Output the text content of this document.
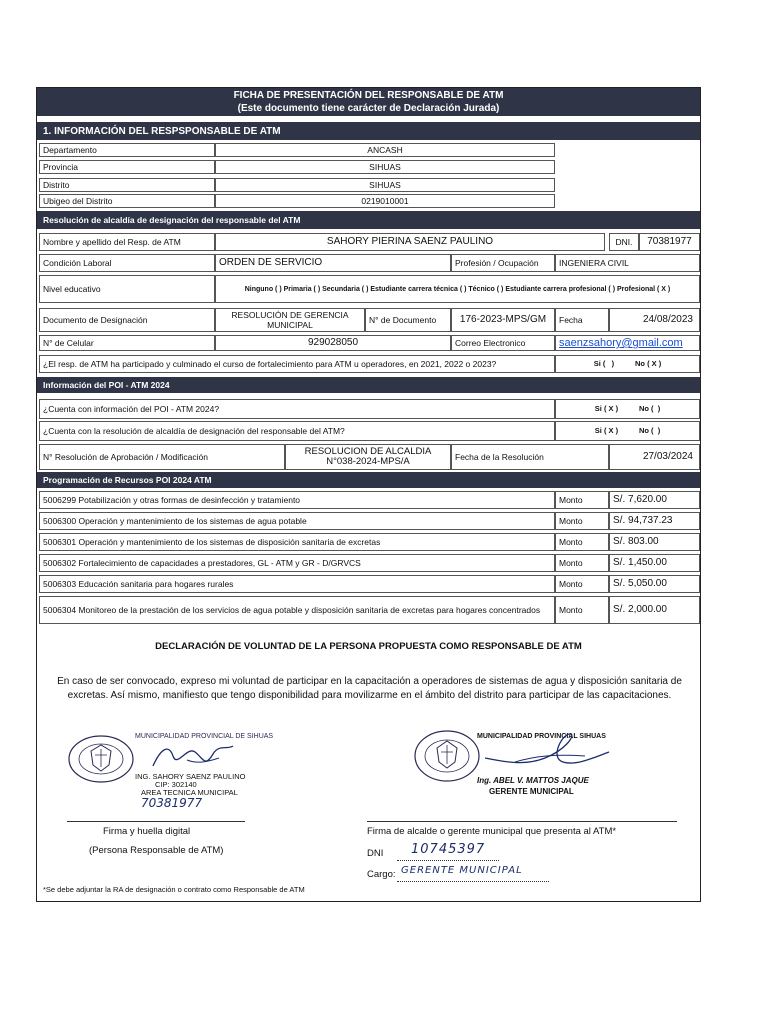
FICHA DE PRESENTACIÓN DEL RESPONSABLE DE ATM
(Este documento tiene carácter de Declaración Jurada)
1. INFORMACIÓN DEL RESPSPONSABLE DE ATM
Departamento	ANCASH
Provincia	SIHUAS
Distrito	SIHUAS
Ubigeo del Distrito	0219010001
Resolución de alcaldía de designación del responsable del ATM
Nombre y apellido del Resp. de ATM	SAHORY PIERINA SAENZ PAULINO	DNI.	70381977
Condición Laboral	ORDEN DE SERVICIO	Profesión / Ocupación	INGENIERA CIVIL
Nivel educativo	Ninguno ( ) Primaria ( ) Secundaria ( ) Estudiante carrera técnica ( ) Técnico ( ) Estudiante carrera profesional ( ) Profesional ( X )
Documento de Designación	RESOLUCIÓN DE GERENCIA MUNICIPAL	N° de Documento	176-2023-MPS/GM	Fecha	24/08/2023
N° de Celular	929028050	Correo Electronico	saenzsahory@gmail.com
¿El resp. de ATM ha participado y culminado el curso de fortalecimiento para ATM u operadores, en 2021, 2022 o 2023?	Si (   )          No ( X )
Información del POI - ATM 2024
¿Cuenta con información del POI - ATM 2024?	Si ( X )          No (  )
¿Cuenta con la resolución de alcaldía de designación del responsable del ATM?	Si ( X )          No (  )
N° Resolución de Aprobación / Modificación	RESOLUCION DE ALCALDIA N°038-2024-MPS/A	Fecha de la Resolución	27/03/2024
Programación de Recursos POI 2024 ATM
5006299 Potabilización y otras formas de desinfección y tratamiento	Monto	S/. 7,620.00
5006300 Operación y mantenimiento de los sistemas de agua potable	Monto	S/. 94,737.23
5006301 Operación y mantenimiento de los sistemas de disposición sanitaria de excretas	Monto	S/. 803.00
5006302 Fortalecimiento de capacidades a prestadores, GL - ATM y GR - D/GRVCS	Monto	S/. 1,450.00
5006303 Educación sanitaria para hogares rurales	Monto	S/. 5,050.00
5006304 Monitoreo de la prestación de los servicios de agua potable y disposición sanitaria de excretas para hogares concentrados	Monto	S/. 2,000.00
DECLARACIÓN DE VOLUNTAD DE LA PERSONA PROPUESTA COMO RESPONSABLE DE ATM
En caso de ser convocado, expreso mi voluntad de participar en la capacitación a operadores de sistemas de agua y disposición sanitaria de excretas. Así mismo, manifiesto que tengo disponibilidad para movilizarme en el ámbito del distrito para participar de las capacitaciones.
MUNICIPALIDAD PROVINCIAL DE SIHUAS
ING. SAHORY SAENZ PAULINO
CIP: 302140
AREA TECNICA MUNICIPAL
70381977
Firma y huella digital
(Persona Responsable de ATM)
MUNICIPALIDAD PROVINCIAL SIHUAS
Ing. ABEL V. MATTOS JAQUE
GERENTE MUNICIPAL
Firma de alcalde o gerente municipal que presenta al ATM*
DNI 10745397
Cargo: GERENTE MUNICIPAL
*Se debe adjuntar la RA de designación o contrato como Responsable de ATM
